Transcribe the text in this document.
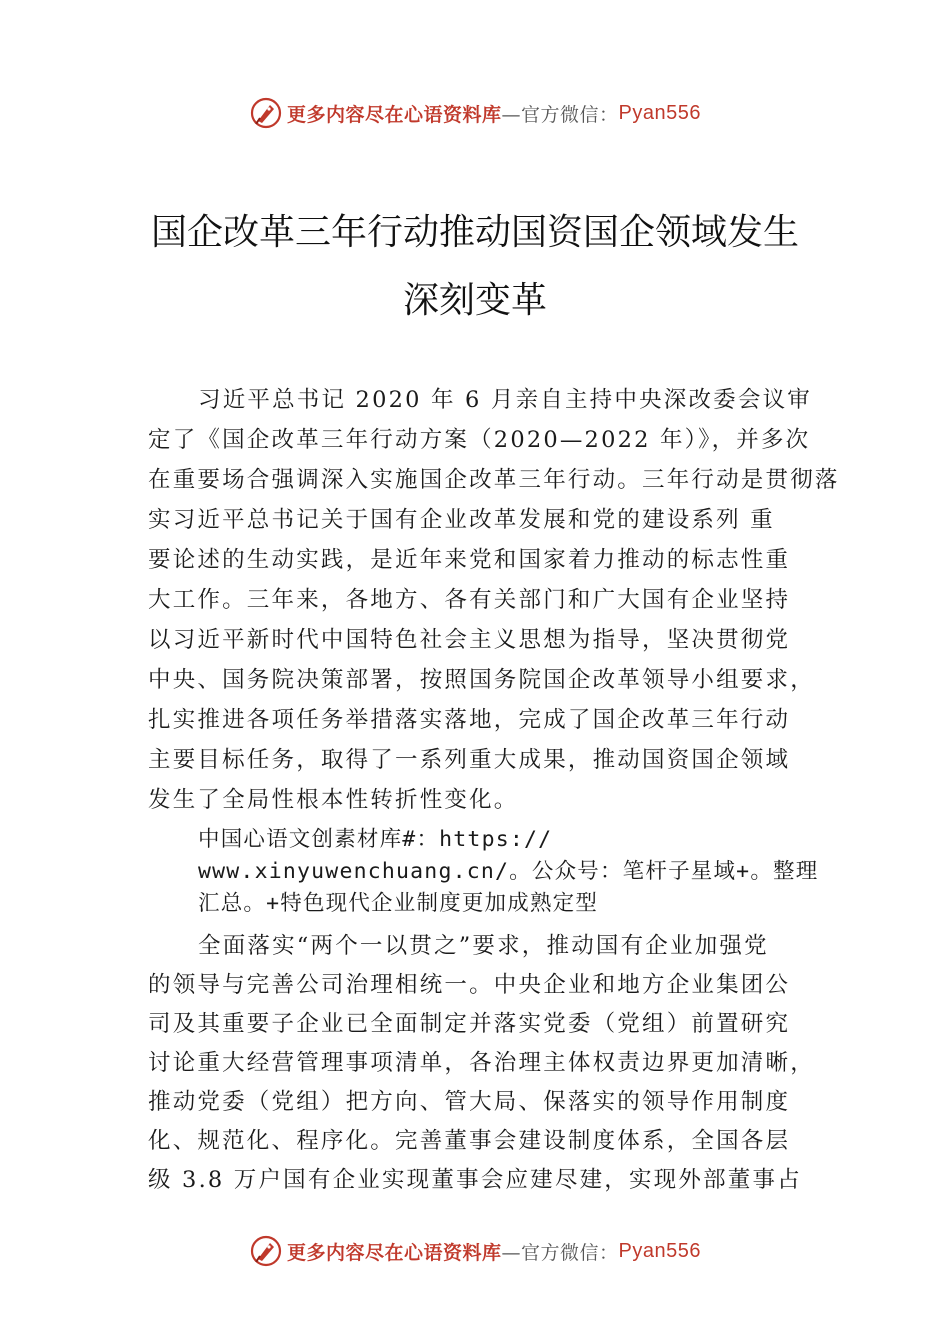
更多内容尽在心语资料库 —官方微信： Pyan556
国企改革三年行动推动国资国企领域发生
深刻变革
习近平总书记 2020 年 6 月亲自主持中央深改委会议审
定了《国企改革三年行动方案（2020—2022 年）》，并多次
在重要场合强调深入实施国企改革三年行动。三年行动是贯彻落
实习近平总书记关于国有企业改革发展和党的建设系列 重
要论述的生动实践，是近年来党和国家着力推动的标志性重
大工作。三年来，各地方、各有关部门和广大国有企业坚持
以习近平新时代中国特色社会主义思想为指导，坚决贯彻党
中央、国务院决策部署，按照国务院国企改革领导小组要求，
扎实推进各项任务举措落实落地，完成了国企改革三年行动
主要目标任务，取得了一系列重大成果，推动国资国企领域
发生了全局性根本性转折性变化。
中国心语文创素材库#：https://
www.xinyuwenchuang.cn/。公众号：笔杆子星域+。整理
汇总。+特色现代企业制度更加成熟定型
全面落实“两个一以贯之”要求，推动国有企业加强党
的领导与完善公司治理相统一。中央企业和地方企业集团公
司及其重要子企业已全面制定并落实党委（党组）前置研究
讨论重大经营管理事项清单，各治理主体权责边界更加清晰，
推动党委（党组）把方向、管大局、保落实的领导作用制度
化、规范化、程序化。完善董事会建设制度体系，全国各层
级 3.8 万户国有企业实现董事会应建尽建，实现外部董事占
更多内容尽在心语资料库 —官方微信： Pyan556
